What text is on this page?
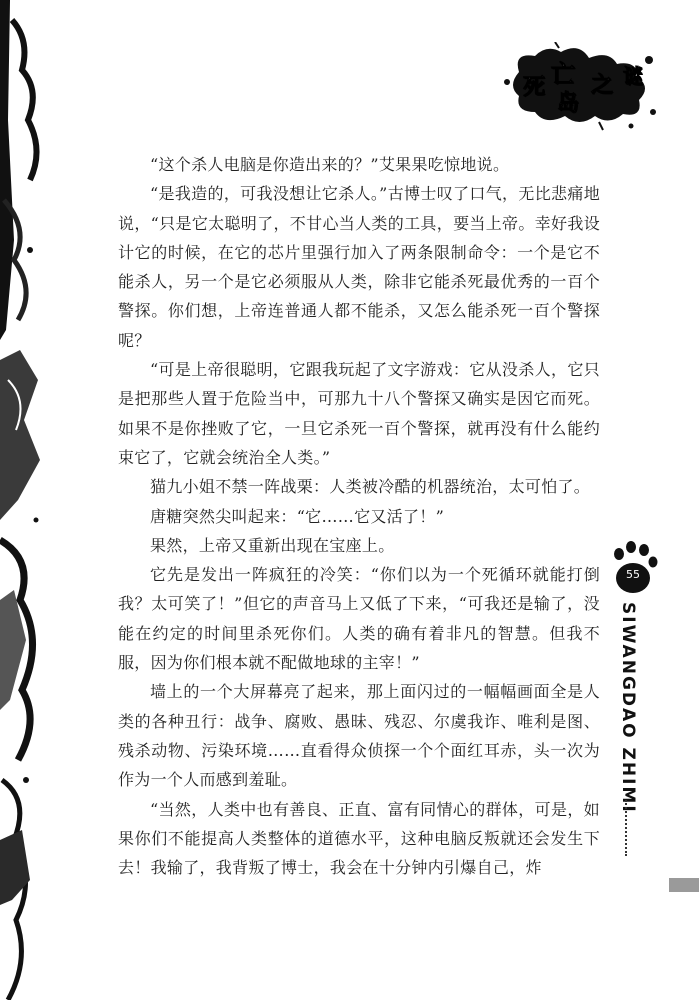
死 亡
岛
之 谜

“这个杀人电脑是你造出来的？”艾果果吃惊地说。

“是我造的，可我没想让它杀人。”古博士叹了口气，无比悲痛地说，“只是它太聪明了，不甘心当人类的工具，要当上帝。幸好我设计它的时候，在它的芯片里强行加入了两条限制命令：一个是它不能杀人，另一个是它必须服从人类，除非它能杀死最优秀的一百个警探。你们想，上帝连普通人都不能杀，又怎么能杀死一百个警探呢？

“可是上帝很聪明，它跟我玩起了文字游戏：它从没杀人，它只是把那些人置于危险当中，可那九十八个警探又确实是因它而死。如果不是你挫败了它，一旦它杀死一百个警探，就再没有什么能约束它了，它就会统治全人类。”

猫九小姐不禁一阵战栗：人类被冷酷的机器统治，太可怕了。

唐糖突然尖叫起来：“它……它又活了！”

果然，上帝又重新出现在宝座上。

它先是发出一阵疯狂的冷笑：“你们以为一个死循环就能打倒我？太可笑了！”但它的声音马上又低了下来，“可我还是输了，没能在约定的时间里杀死你们。人类的确有着非凡的智慧。但我不服，因为你们根本就不配做地球的主宰！”

墙上的一个大屏幕亮了起来，那上面闪过的一幅幅画面全是人类的各种丑行：战争、腐败、愚昧、残忍、尔虞我诈、唯利是图、残杀动物、污染环境……直看得众侦探一个个面红耳赤，头一次为作为一个人而感到羞耻。

“当然，人类中也有善良、正直、富有同情心的群体，可是，如果你们不能提高人类整体的道德水平，这种电脑反叛就还会发生下去！我输了，我背叛了博士，我会在十分钟内引爆自己，炸

55
SIWANGDAO ZHIMI
